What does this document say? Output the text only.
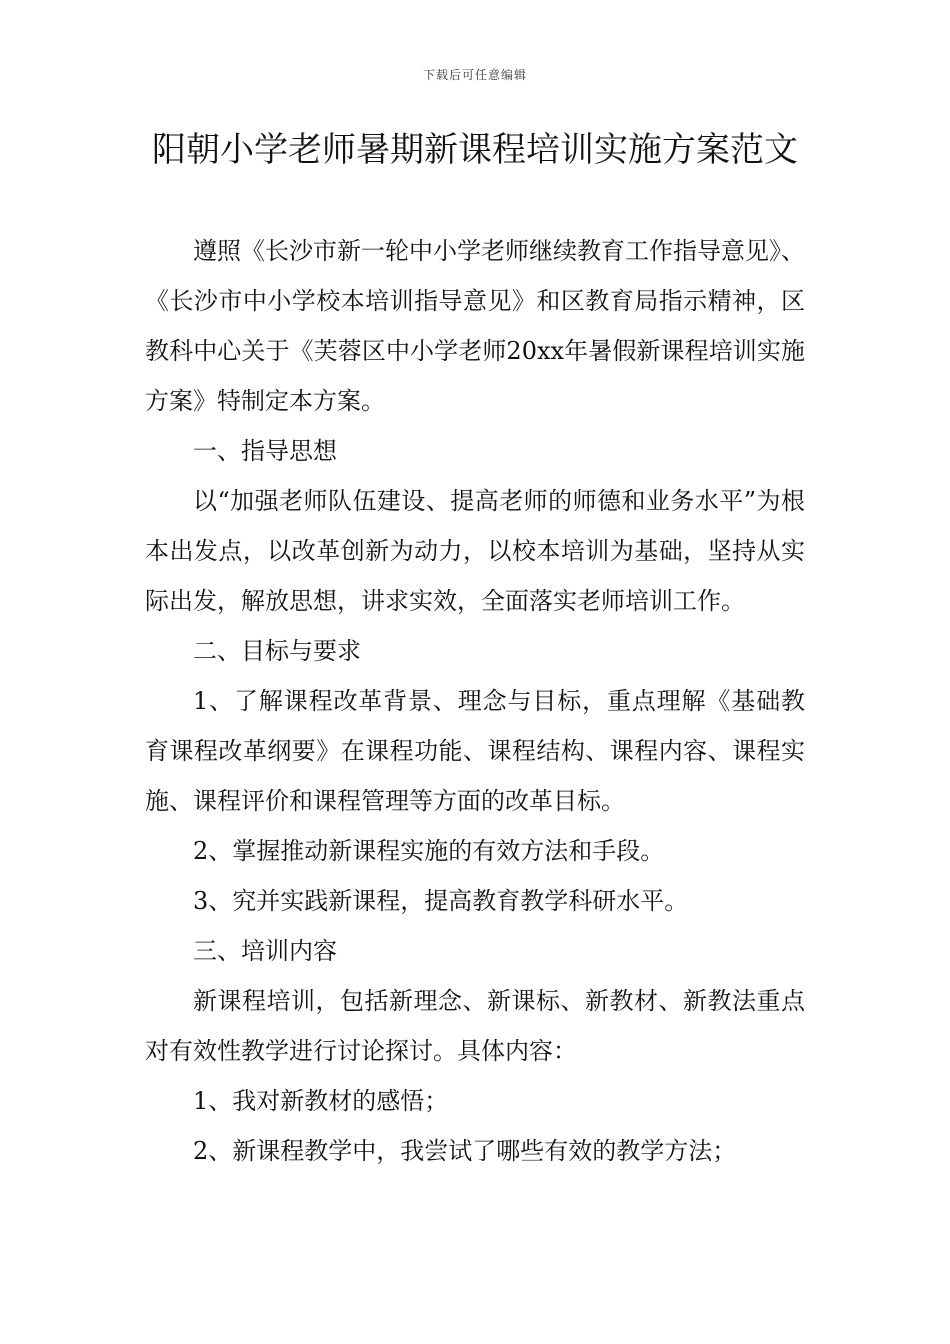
下载后可任意编辑
阳朝小学老师暑期新课程培训实施方案范文

遵照《长沙市新一轮中小学老师继续教育工作指导意见》、《长沙市中小学校本培训指导意见》和区教育局指示精神，区教科中心关于《芙蓉区中小学老师20xx年暑假新课程培训实施方案》特制定本方案。

一、指导思想

以“加强老师队伍建设、提高老师的师德和业务水平”为根本出发点，以改革创新为动力，以校本培训为基础，坚持从实际出发，解放思想，讲求实效，全面落实老师培训工作。

二、目标与要求

1、了解课程改革背景、理念与目标，重点理解《基础教育课程改革纲要》在课程功能、课程结构、课程内容、课程实施、课程评价和课程管理等方面的改革目标。

2、掌握推动新课程实施的有效方法和手段。

3、究并实践新课程，提高教育教学科研水平。

三、培训内容

新课程培训，包括新理念、新课标、新教材、新教法重点对有效性教学进行讨论探讨。具体内容：

1、我对新教材的感悟；

2、新课程教学中，我尝试了哪些有效的教学方法；
